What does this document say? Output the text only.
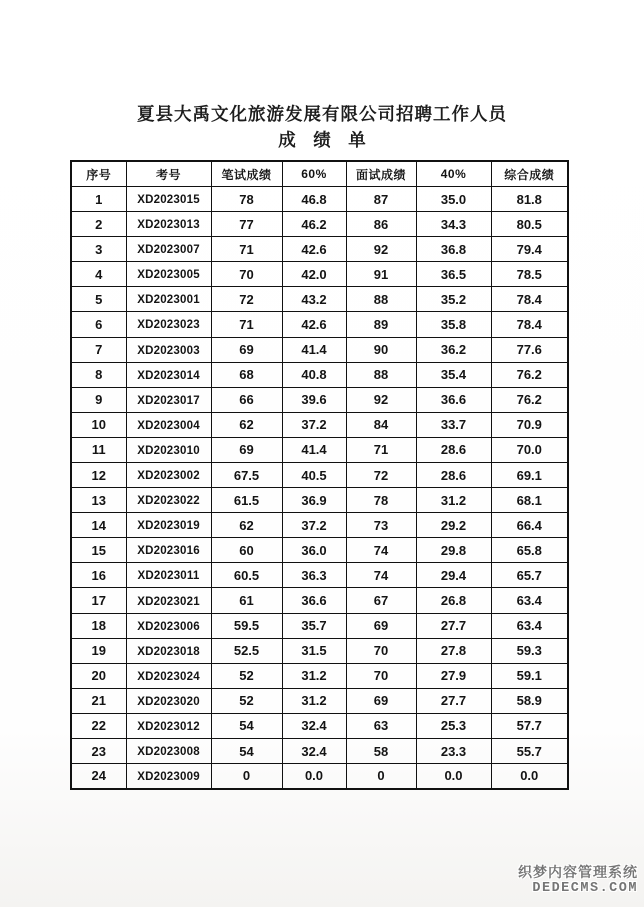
夏县大禹文化旅游发展有限公司招聘工作人员
成　绩　单
序号	考号	笔试成绩	60%	面试成绩	40%	综合成绩
1	XD2023015	78	46.8	87	35.0	81.8
2	XD2023013	77	46.2	86	34.3	80.5
3	XD2023007	71	42.6	92	36.8	79.4
4	XD2023005	70	42.0	91	36.5	78.5
5	XD2023001	72	43.2	88	35.2	78.4
6	XD2023023	71	42.6	89	35.8	78.4
7	XD2023003	69	41.4	90	36.2	77.6
8	XD2023014	68	40.8	88	35.4	76.2
9	XD2023017	66	39.6	92	36.6	76.2
10	XD2023004	62	37.2	84	33.7	70.9
11	XD2023010	69	41.4	71	28.6	70.0
12	XD2023002	67.5	40.5	72	28.6	69.1
13	XD2023022	61.5	36.9	78	31.2	68.1
14	XD2023019	62	37.2	73	29.2	66.4
15	XD2023016	60	36.0	74	29.8	65.8
16	XD2023011	60.5	36.3	74	29.4	65.7
17	XD2023021	61	36.6	67	26.8	63.4
18	XD2023006	59.5	35.7	69	27.7	63.4
19	XD2023018	52.5	31.5	70	27.8	59.3
20	XD2023024	52	31.2	70	27.9	59.1
21	XD2023020	52	31.2	69	27.7	58.9
22	XD2023012	54	32.4	63	25.3	57.7
23	XD2023008	54	32.4	58	23.3	55.7
24	XD2023009	0	0.0	0	0.0	0.0
织梦内容管理系统
DEDECMS.COM
